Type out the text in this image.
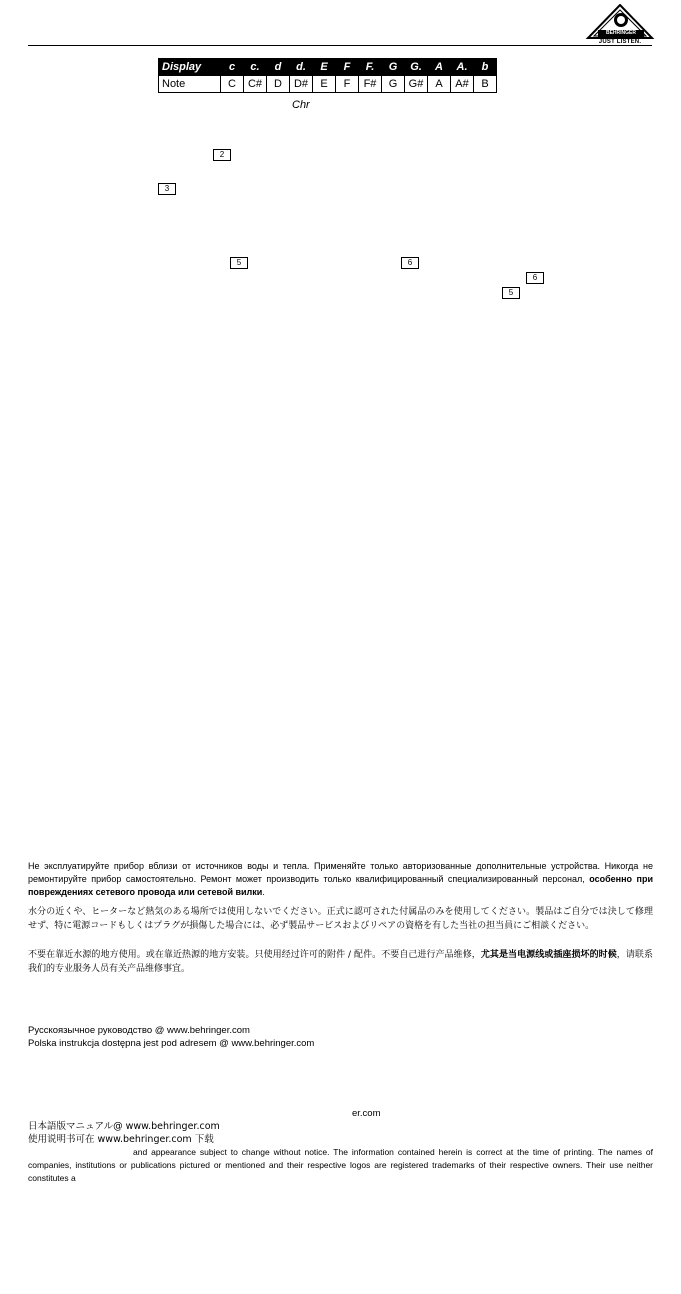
BEHRINGER
JUST LISTEN.
Display	c	c.	d	d.	E	F	F.	G	G.	A	A.	b
Note	C	C#	D	D#	E	F	F#	G	G#	A	A#	B
Chr
2
3
5	6
6
5
Не эксплуатируйте прибор вблизи от источников воды и тепла. Применяйте только авторизованные дополнительные устройства. Никогда не ремонтируйте прибор самостоятельно. Ремонт может производить только квалифицированный специализированный персонал, особенно при повреждениях сетевого провода или сетевой вилки.
水分の近くや、ヒーターなど熱気のある場所では使用しないでください。正式に認可された付属品のみを使用してください。製品はご自分では決して修理せず、特に電源コードもしくはプラグが損傷した場合には、必ず製品サービスおよびリペアの資格を有した当社の担当員にご相談ください。
不要在靠近水源的地方使用。或在靠近热源的地方安装。只使用经过许可的附件 / 配件。不要自己进行产品维修，尤其是当电源线或插座损坏的时候，请联系我们的专业服务人员有关产品维修事宜。
Русскоязычное руководство @ www.behringer.com
Polska instrukcja dostępna jest pod adresem @ www.behringer.com
er.com
日本語版マニュアル@ www.behringer.com
使用说明书可在 www.behringer.com 下载
and appearance subject to change without notice. The information contained herein is correct at the time of printing. The names of companies, institutions or publications pictured or mentioned and their respective logos are registered trademarks of their respective owners. Their use neither constitutes a
